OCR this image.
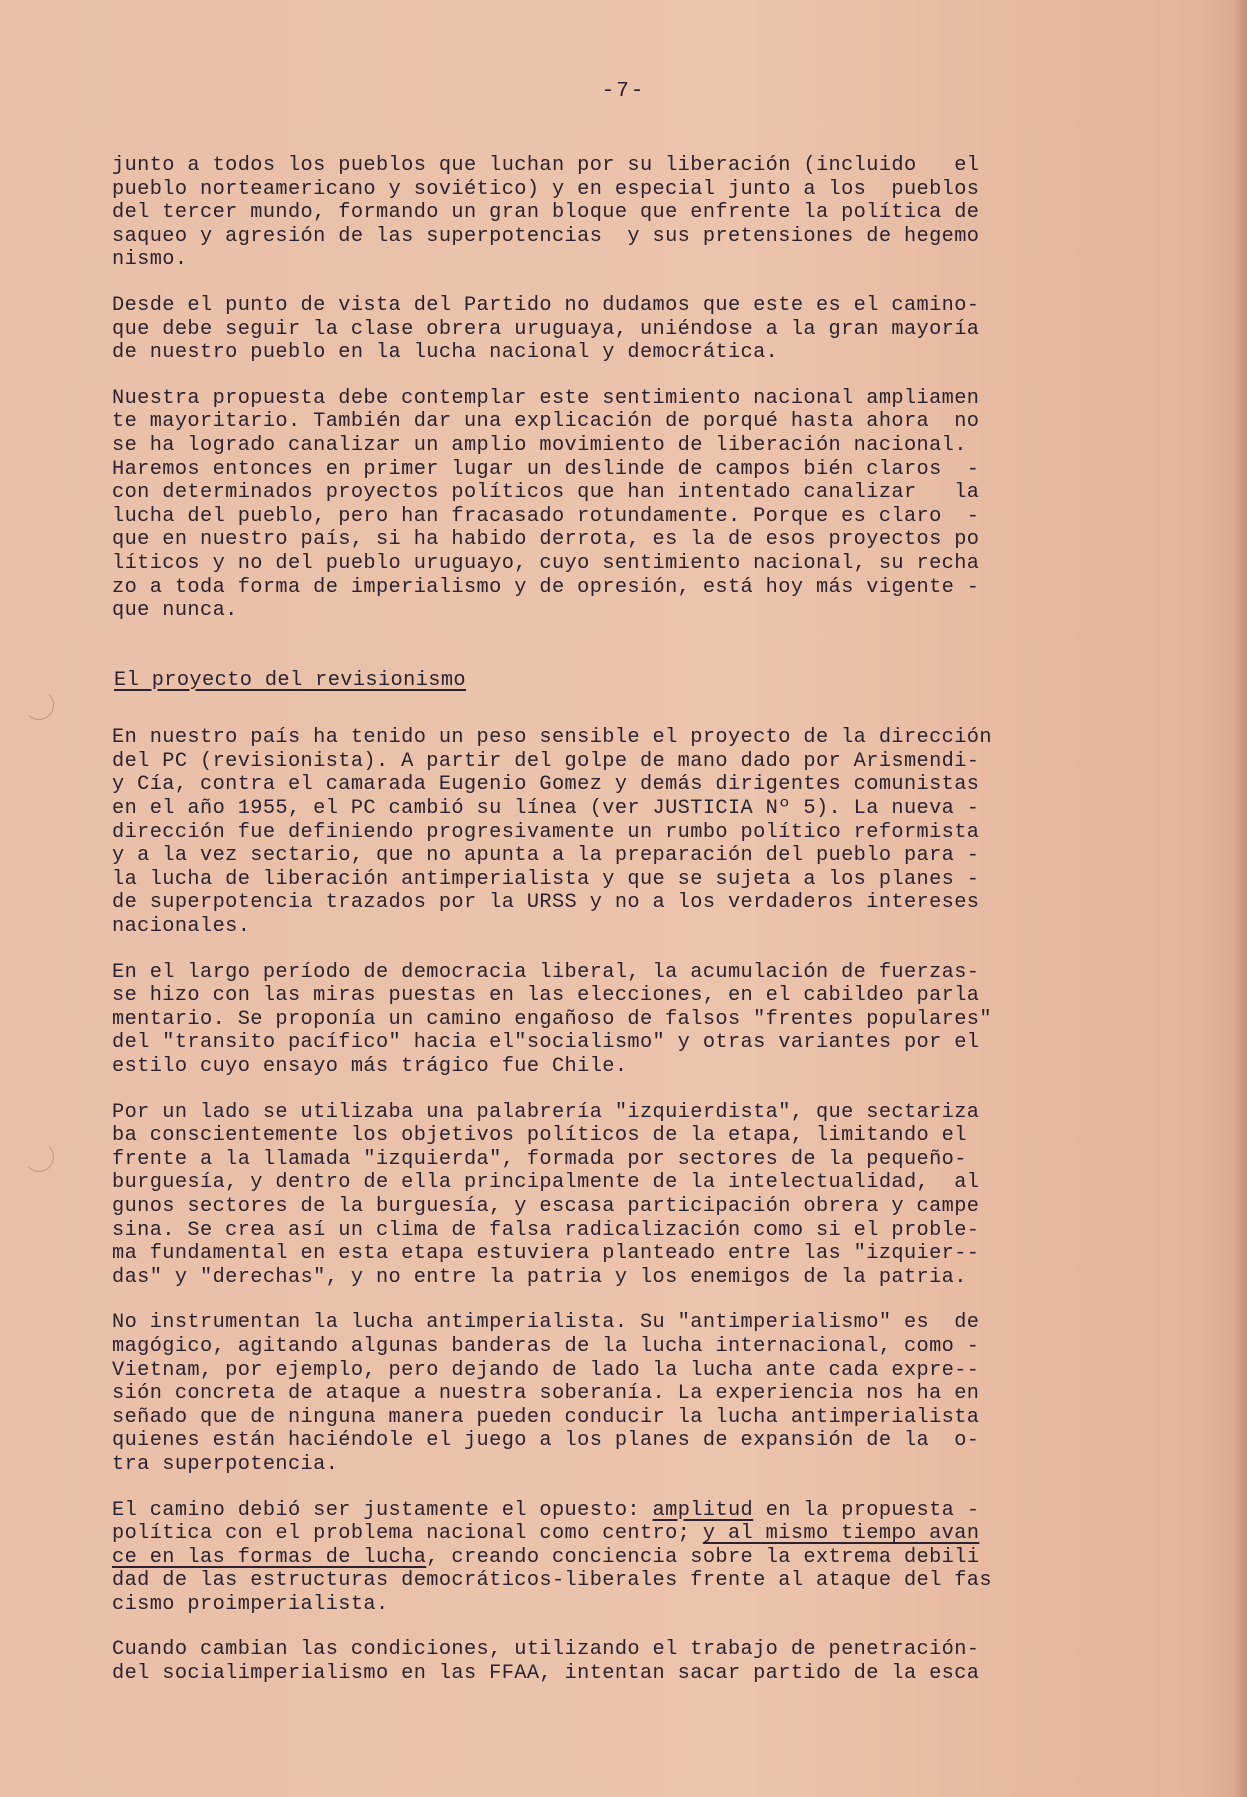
-7-
junto a todos los pueblos que luchan por su liberación (incluido   el
pueblo norteamericano y soviético) y en especial junto a los  pueblos
del tercer mundo, formando un gran bloque que enfrente la política de
saqueo y agresión de las superpotencias  y sus pretensiones de hegemo
nismo.
Desde el punto de vista del Partido no dudamos que este es el camino-
que debe seguir la clase obrera uruguaya, uniéndose a la gran mayoría
de nuestro pueblo en la lucha nacional y democrática.
Nuestra propuesta debe contemplar este sentimiento nacional ampliamen
te mayoritario. También dar una explicación de porqué hasta ahora  no
se ha logrado canalizar un amplio movimiento de liberación nacional.
Haremos entonces en primer lugar un deslinde de campos bién claros  -
con determinados proyectos políticos que han intentado canalizar   la
lucha del pueblo, pero han fracasado rotundamente. Porque es claro  -
que en nuestro país, si ha habido derrota, es la de esos proyectos po
líticos y no del pueblo uruguayo, cuyo sentimiento nacional, su recha
zo a toda forma de imperialismo y de opresión, está hoy más vigente -
que nunca.
El proyecto del revisionismo
En nuestro país ha tenido un peso sensible el proyecto de la dirección
del PC (revisionista). A partir del golpe de mano dado por Arismendi-
y Cía, contra el camarada Eugenio Gomez y demás dirigentes comunistas
en el año 1955, el PC cambió su línea (ver JUSTICIA Nº 5). La nueva -
dirección fue definiendo progresivamente un rumbo político reformista
y a la vez sectario, que no apunta a la preparación del pueblo para -
la lucha de liberación antimperialista y que se sujeta a los planes -
de superpotencia trazados por la URSS y no a los verdaderos intereses
nacionales.
En el largo período de democracia liberal, la acumulación de fuerzas-
se hizo con las miras puestas en las elecciones, en el cabildeo parla
mentario. Se proponía un camino engañoso de falsos "frentes populares"
del "transito pacífico" hacia el"socialismo" y otras variantes por el
estilo cuyo ensayo más trágico fue Chile.
Por un lado se utilizaba una palabrería "izquierdista", que sectariza
ba conscientemente los objetivos políticos de la etapa, limitando el
frente a la llamada "izquierda", formada por sectores de la pequeño-
burguesía, y dentro de ella principalmente de la intelectualidad,  al
gunos sectores de la burguesía, y escasa participación obrera y campe
sina. Se crea así un clima de falsa radicalización como si el proble-
ma fundamental en esta etapa estuviera planteado entre las "izquier--
das" y "derechas", y no entre la patria y los enemigos de la patria.
No instrumentan la lucha antimperialista. Su "antimperialismo" es  de
magógico, agitando algunas banderas de la lucha internacional, como -
Vietnam, por ejemplo, pero dejando de lado la lucha ante cada expre--
sión concreta de ataque a nuestra soberanía. La experiencia nos ha en
señado que de ninguna manera pueden conducir la lucha antimperialista
quienes están haciéndole el juego a los planes de expansión de la  o-
tra superpotencia.
El camino debió ser justamente el opuesto: amplitud en la propuesta -
política con el problema nacional como centro; y al mismo tiempo avan
ce en las formas de lucha, creando conciencia sobre la extrema debili
dad de las estructuras democráticos-liberales frente al ataque del fas
cismo proimperialista.
Cuando cambian las condiciones, utilizando el trabajo de penetración-
del socialimperialismo en las FFAA, intentan sacar partido de la esca
